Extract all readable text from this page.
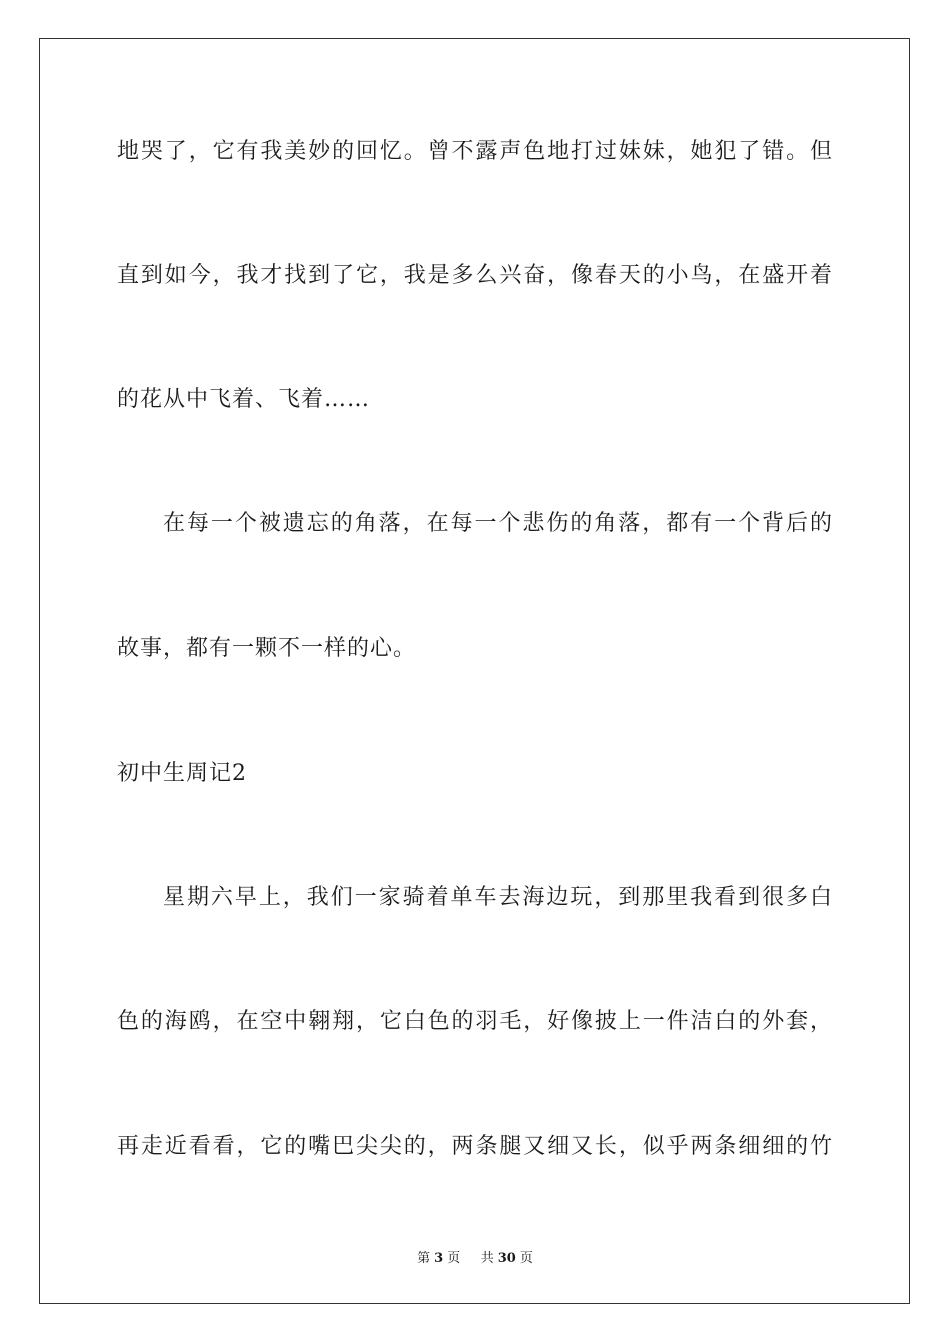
地哭了，它有我美妙的回忆。曾不露声色地打过妹妹，她犯了错。但
直到如今，我才找到了它，我是多么兴奋，像春天的小鸟，在盛开着
的花从中飞着、飞着……
在每一个被遗忘的角落，在每一个悲伤的角落，都有一个背后的
故事，都有一颗不一样的心。
初中生周记2
星期六早上，我们一家骑着单车去海边玩，到那里我看到很多白
色的海鸥，在空中翱翔，它白色的羽毛，好像披上一件洁白的外套，
再走近看看，它的嘴巴尖尖的，两条腿又细又长，似乎两条细细的竹
第 3 页 共 30 页
